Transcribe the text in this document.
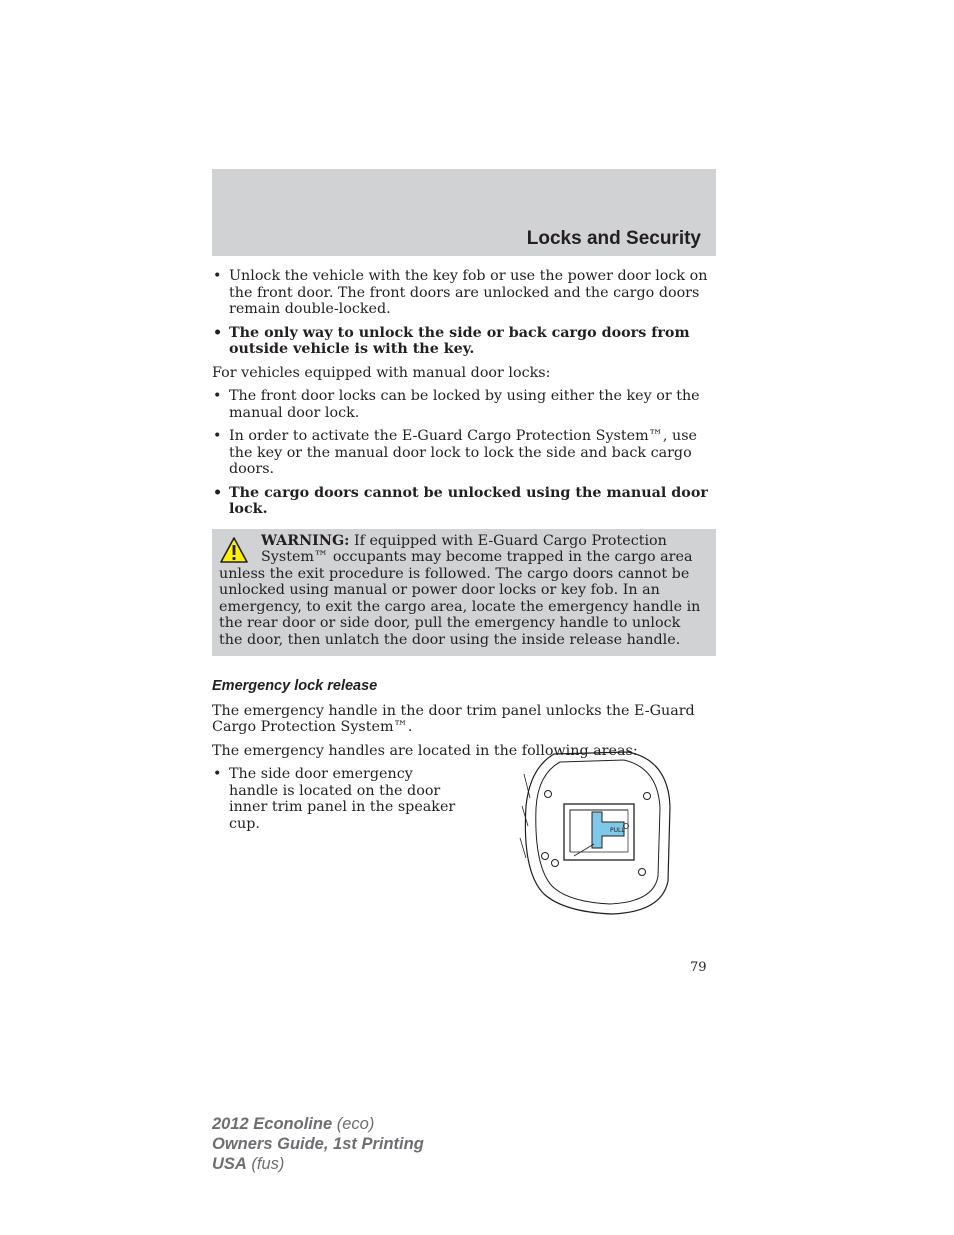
Locks and Security
• Unlock the vehicle with the key fob or use the power door lock on the front door. The front doors are unlocked and the cargo doors remain double-locked.
• The only way to unlock the side or back cargo doors from outside vehicle is with the key.
For vehicles equipped with manual door locks:
• The front door locks can be locked by using either the key or the manual door lock.
• In order to activate the E-Guard Cargo Protection System™, use the key or the manual door lock to lock the side and back cargo doors.
• The cargo doors cannot be unlocked using the manual door lock.
WARNING: If equipped with E-Guard Cargo Protection System™ occupants may become trapped in the cargo area unless the exit procedure is followed. The cargo doors cannot be unlocked using manual or power door locks or key fob. In an emergency, to exit the cargo area, locate the emergency handle in the rear door or side door, pull the emergency handle to unlock the door, then unlatch the door using the inside release handle.
Emergency lock release
The emergency handle in the door trim panel unlocks the E-Guard Cargo Protection System™.
The emergency handles are located in the following areas:
• The side door emergency handle is located on the door inner trim panel in the speaker cup.	PULL
79
2012 Econoline (eco)
Owners Guide, 1st Printing
USA (fus)
